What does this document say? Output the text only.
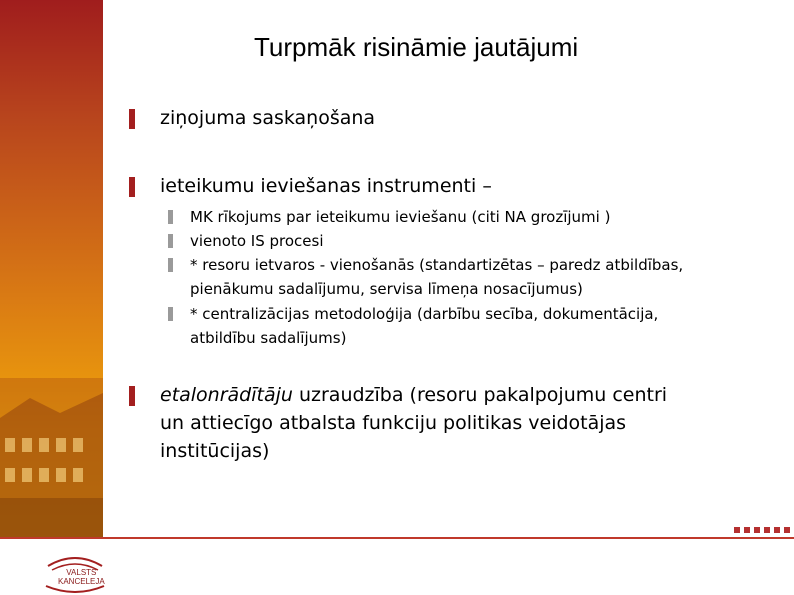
Turpmāk risināmie jautājumi
ziņojuma saskaņošana
ieteikumu ieviešanas instrumenti –
MK rīkojums par ieteikumu ieviešanu (citi NA grozījumi )
vienoto IS procesi
* resoru ietvaros - vienošanās (standartizētas – paredz atbildības,
pienākumu sadalījumu, servisa līmeņa nosacījumus)
* centralizācijas metodoloģija (darbību secība, dokumentācija,
atbildību sadalījums)
etalonrādītāju uzraudzība (resoru pakalpojumu centri
un attiecīgo atbalsta funkciju politikas veidotājas
institūcijas)
VALSTS
KANCELEJA
